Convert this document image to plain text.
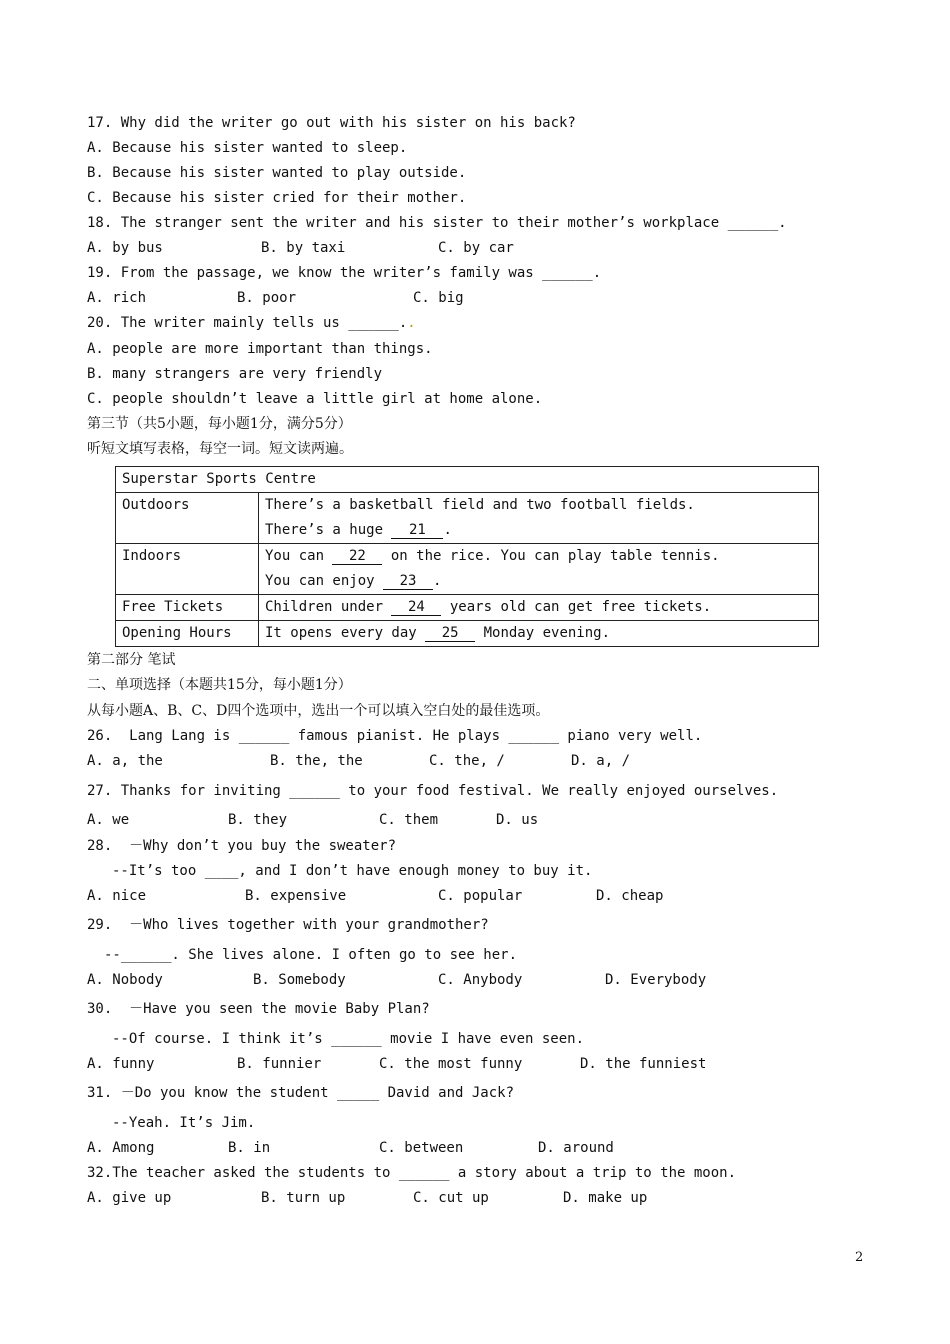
17. Why did the writer go out with his sister on his back?
A. Because his sister wanted to sleep.
B. Because his sister wanted to play outside.
C. Because his sister cried for their mother.
18. The stranger sent the writer and his sister to their mother’s workplace ______.
A. by bus	B. by taxi	C. by car
19. From the passage, we know the writer’s family was ______.
A. rich	B. poor	C. big
20. The writer mainly tells us ______..
A. people are more important than things.
B. many strangers are very friendly
C. people shouldn’t leave a little girl at home alone.
第三节（共5小题，每小题1分，满分5分）
听短文填写表格，每空一词。短文读两遍。
Superstar Sports Centre	
Outdoors	There’s a basketball field and two football fields.
There’s a huge 21 .

Indoors	You can 22 on the rice. You can play table tennis.
You can enjoy 23 .

Free Tickets	Children under 24 years old can get free tickets.
Opening Hours	It opens every day 25 Monday evening.
第二部分 笔试
二、单项选择（本题共15分，每小题1分）
从每小题A、B、C、D四个选项中，选出一个可以填入空白处的最佳选项。
26.  Lang Lang is ______ famous pianist. He plays ______ piano very well.
A. a, the	B. the, the	C. the, /	D. a, /
27. Thanks for inviting ______ to your food festival. We really enjoyed ourselves.
A. we	B. they	C. them	D. us
28.  －Why don’t you buy the sweater?
--It’s too ____, and I don’t have enough money to buy it.
A. nice	B. expensive	C. popular	D. cheap
29.  －Who lives together with your grandmother?
--______. She lives alone. I often go to see her.
A. Nobody	B. Somebody	C. Anybody	D. Everybody
30.  －Have you seen the movie Baby Plan?
--Of course. I think it’s ______ movie I have even seen.
A. funny	B. funnier	C. the most funny	D. the funniest
31. －Do you know the student _____ David and Jack?
--Yeah. It’s Jim.
A. Among	B. in	C. between	D. around
32.The teacher asked the students to ______ a story about a trip to the moon.
A. give up	B. turn up	C. cut up	D. make up
2
